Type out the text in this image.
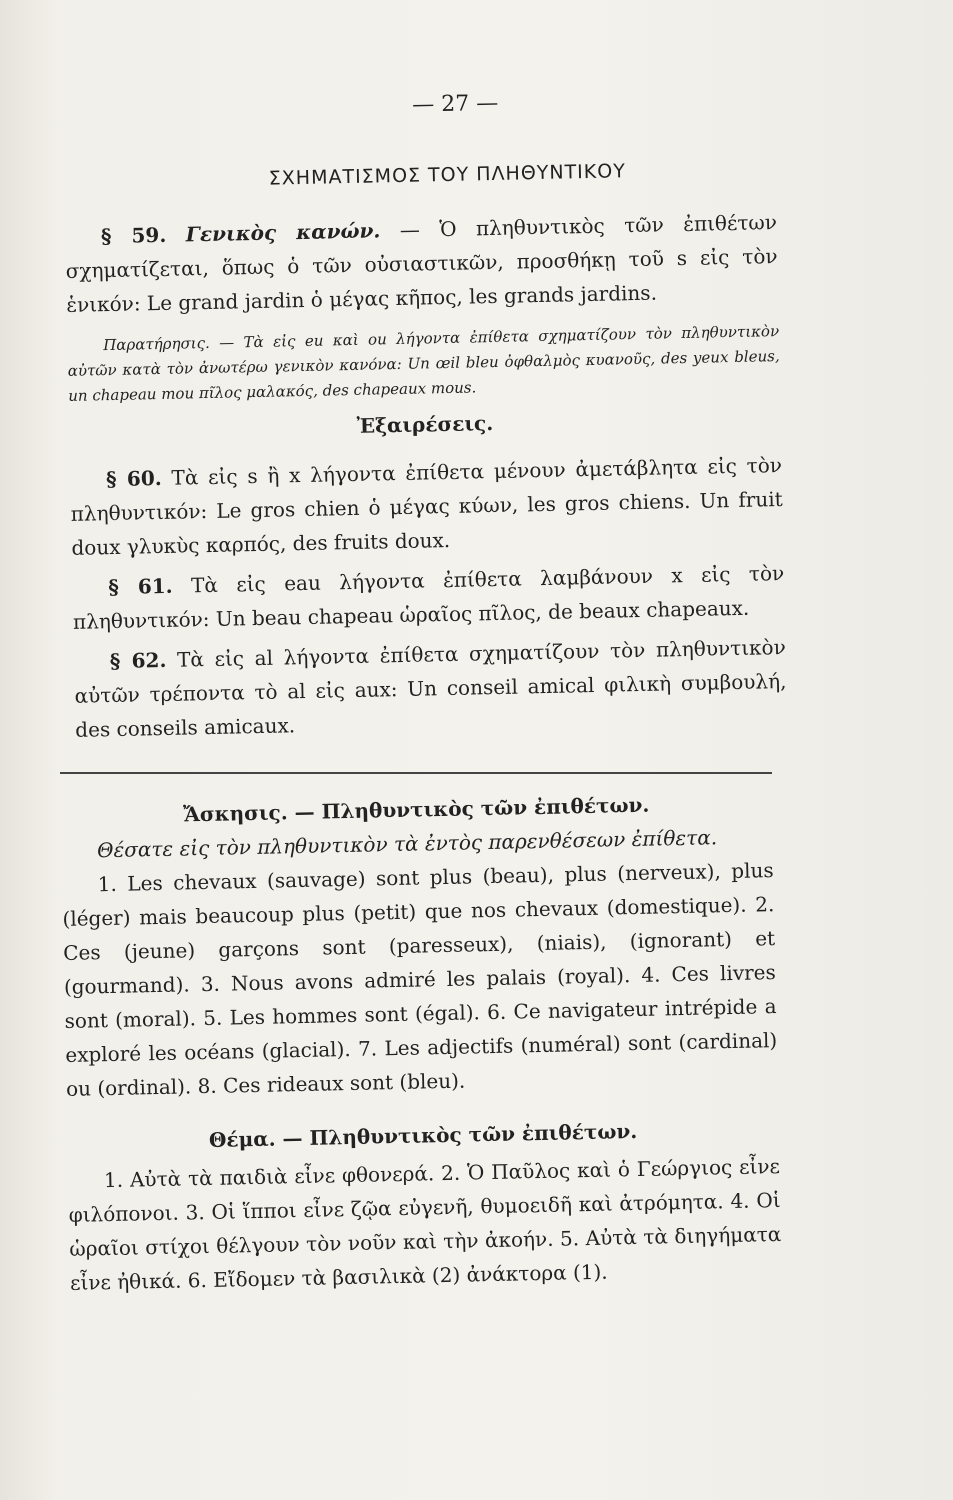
— 27 —
ΣΧΗΜΑΤΙΣΜΟΣ ΤΟΥ ΠΛΗΘΥΝΤΙΚΟΥ

§ 59. Γενικὸς κανών. — Ὁ πληθυντικὸς τῶν ἐπιθέτων σχηματίζεται, ὅπως ὁ τῶν οὐσιαστικῶν, προσθήκῃ τοῦ s εἰς τὸν ἑνικόν: Le grand jardin ὁ μέγας κῆπος, les grands jardins.

Παρατήρησις. — Τὰ εἰς eu καὶ ou λήγοντα ἐπίθετα σχηματίζουν τὸν πληθυντικὸν αὐτῶν κατὰ τὸν ἀνωτέρω γενικὸν κανόνα: Un œil bleu ὀφθαλμὸς κυανοῦς, des yeux bleus, un chapeau mou πῖλος μαλακός, des chapeaux mous.

Ἐξαιρέσεις.

§ 60. Τὰ εἰς s ἢ x λήγοντα ἐπίθετα μένουν ἀμετάβλητα εἰς τὸν πληθυντικόν: Le gros chien ὁ μέγας κύων, les gros chiens. Un fruit doux γλυκὺς καρπός, des fruits doux.

§ 61. Τὰ εἰς eau λήγοντα ἐπίθετα λαμβάνουν x εἰς τὸν πληθυντικόν: Un beau chapeau ὡραῖος πῖλος, de beaux chapeaux.

§ 62. Τὰ εἰς al λήγοντα ἐπίθετα σχηματίζουν τὸν πληθυντικὸν αὐτῶν τρέποντα τὸ al εἰς aux: Un conseil amical φιλικὴ συμβουλή, des conseils amicaux.

Ἄσκησις. — Πληθυντικὸς τῶν ἐπιθέτων.

Θέσατε εἰς τὸν πληθυντικὸν τὰ ἐντὸς παρενθέσεων ἐπίθετα.

1. Les chevaux (sauvage) sont plus (beau), plus (nerveux), plus (léger) mais beaucoup plus (petit) que nos chevaux (domestique). 2. Ces (jeune) garçons sont (paresseux), (niais), (ignorant) et (gourmand). 3. Nous avons admiré les palais (royal). 4. Ces livres sont (moral). 5. Les hommes sont (égal). 6. Ce navigateur intrépide a exploré les océans (glacial). 7. Les adjectifs (numéral) sont (cardinal) ou (ordinal). 8. Ces rideaux sont (bleu).

Θέμα. — Πληθυντικὸς τῶν ἐπιθέτων.

1. Αὐτὰ τὰ παιδιὰ εἶνε φθονερά. 2. Ὁ Παῦλος καὶ ὁ Γεώργιος εἶνε φιλόπονοι. 3. Οἱ ἵπποι εἶνε ζῷα εὐγενῆ, θυμοειδῆ καὶ ἀτρόμητα. 4. Οἱ ὡραῖοι στίχοι θέλγουν τὸν νοῦν καὶ τὴν ἀκοήν. 5. Αὐτὰ τὰ διηγήματα εἶνε ἠθικά. 6. Εἴδομεν τὰ βασιλικὰ (2) ἀνάκτορα (1).
